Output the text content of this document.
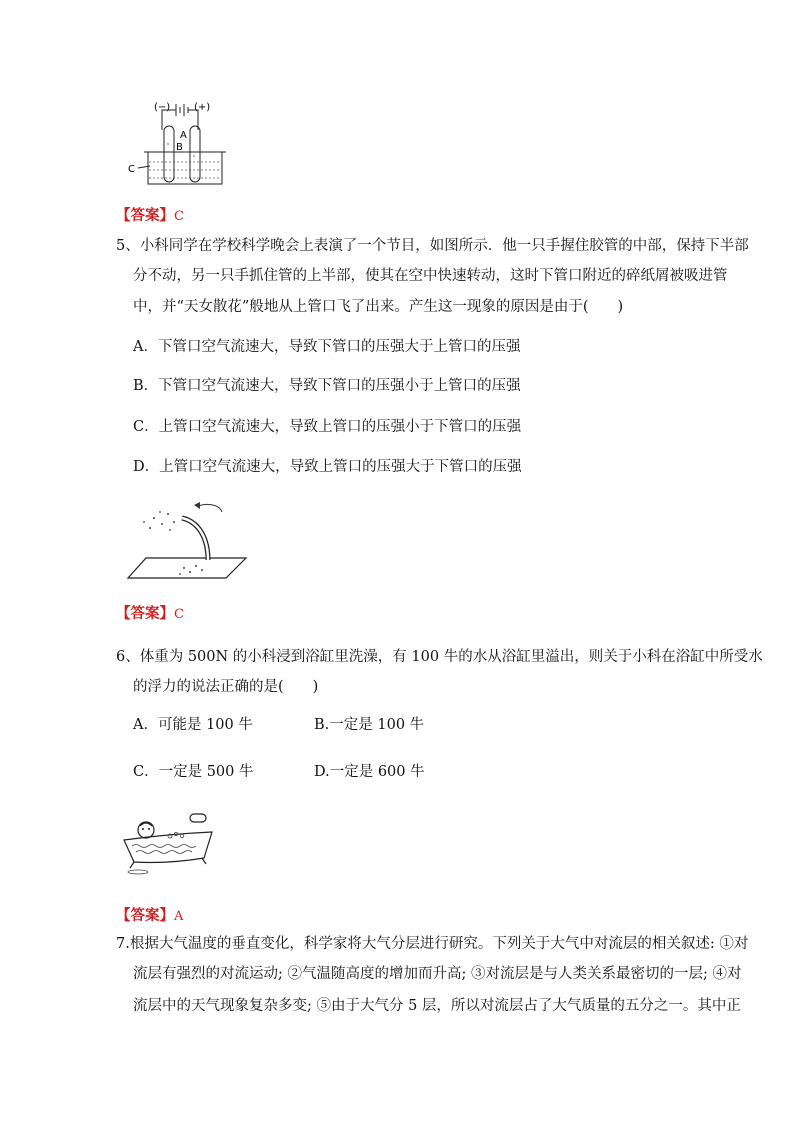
(−) (+)
A
B
C
【答案】C
5、小科同学在学校科学晚会上表演了一个节目，如图所示．他一只手握住胶管的中部，保持下半部
分不动，另一只手抓住管的上半部，使其在空中快速转动，这时下管口附近的碎纸屑被吸进管
中，并“天女散花”般地从上管口飞了出来。产生这一现象的原因是由于(　　)
A．下管口空气流速大，导致下管口的压强大于上管口的压强
B．下管口空气流速大，导致下管口的压强小于上管口的压强
C．上管口空气流速大，导致上管口的压强小于下管口的压强
D．上管口空气流速大，导致上管口的压强大于下管口的压强
【答案】C
6、体重为 500N 的小科浸到浴缸里洗澡，有 100 牛的水从浴缸里溢出，则关于小科在浴缸中所受水
的浮力的说法正确的是(　　)
A．可能是 100 牛	B.一定是 100 牛
C．一定是 500 牛	D.一定是 600 牛
【答案】A
7.根据大气温度的垂直变化，科学家将大气分层进行研究。下列关于大气中对流层的相关叙述: ①对
流层有强烈的对流运动; ②气温随高度的增加而升高; ③对流层是与人类关系最密切的一层; ④对
流层中的天气现象复杂多变; ⑤由于大气分 5 层，所以对流层占了大气质量的五分之一。其中正
